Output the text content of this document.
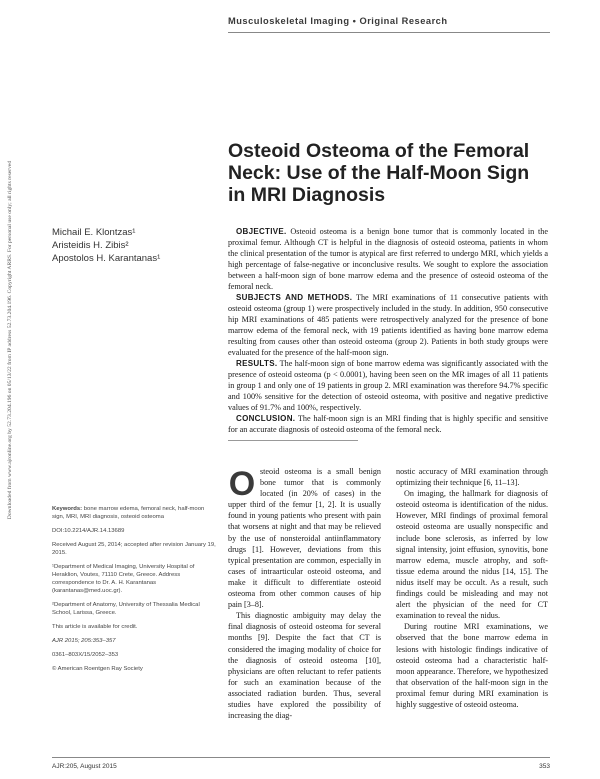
Musculoskeletal Imaging • Original Research
Downloaded from www.ajronline.org by 52.73.204.196 on 05/13/22 from IP address 52.73.204.196. Copyright ARRS. For personal use only; all rights reserved
Osteoid Osteoma of the Femoral Neck: Use of the Half-Moon Sign in MRI Diagnosis
Michail E. Klontzas¹
Aristeidis H. Zibis²
Apostolos H. Karantanas¹

OBJECTIVE. Osteoid osteoma is a benign bone tumor that is commonly located in the proximal femur. Although CT is helpful in the diagnosis of osteoid osteoma, patients in whom the clinical presentation of the tumor is atypical are first referred to undergo MRI, which yields a high percentage of false-negative or inconclusive results. We sought to explore the association between a half-moon sign of bone marrow edema and the presence of osteoid osteoma of the femoral neck.

SUBJECTS AND METHODS. The MRI examinations of 11 consecutive patients with osteoid osteoma (group 1) were prospectively included in the study. In addition, 950 consecutive hip MRI examinations of 485 patients were retrospectively analyzed for the presence of bone marrow edema of the femoral neck, with 19 patients identified as having bone marrow edema resulting from causes other than osteoid osteoma (group 2). Patients in both study groups were evaluated for the presence of the half-moon sign.

RESULTS. The half-moon sign of bone marrow edema was significantly associated with the presence of osteoid osteoma (p < 0.0001), having been seen on the MR images of all 11 patients in group 1 and only one of 19 patients in group 2. MRI examination was therefore 94.7% specific and 100% sensitive for the detection of osteoid osteoma, with positive and negative predictive values of 91.7% and 100%, respectively.

CONCLUSION. The half-moon sign is an MRI finding that is highly specific and sensitive for an accurate diagnosis of osteoid osteoma of the femoral neck.

Keywords: bone marrow edema, femoral neck, half-moon sign, MRI, MRI diagnosis, osteoid osteoma

DOI:10.2214/AJR.14.13689

Received August 25, 2014; accepted after revision January 19, 2015.

¹Department of Medical Imaging, University Hospital of Heraklion, Voutes, 71110 Crete, Greece. Address correspondence to Dr. A. H. Karantanas (karantanas@med.uoc.gr).

²Department of Anatomy, University of Thessalia Medical School, Larissa, Greece.

This article is available for credit.

AJR 2015; 205:353–357

0361–803X/15/2052–353

© American Roentgen Ray Society

O steoid osteoma is a small benign bone tumor that is commonly located (in 20% of cases) in the upper third of the femur [1, 2]. It is usually found in young patients who present with pain that worsens at night and that may be relieved by the use of nonsteroidal antiinflammatory drugs [1]. However, deviations from this typical presentation are common, especially in cases of intraarticular osteoid osteoma, and make it difficult to differentiate osteoid osteoma from other common causes of hip pain [3–8].

This diagnostic ambiguity may delay the final diagnosis of osteoid osteoma for several months [9]. Despite the fact that CT is considered the imaging modality of choice for the diagnosis of osteoid osteoma [10], physicians are often reluctant to refer patients for such an examination because of the associated radiation burden. Thus, several studies have explored the possibility of increasing the diag-

nostic accuracy of MRI examination through optimizing their technique [6, 11–13].

On imaging, the hallmark for diagnosis of osteoid osteoma is identification of the nidus. However, MRI findings of proximal femoral osteoid osteoma are usually nonspecific and include bone sclerosis, as inferred by low signal intensity, joint effusion, synovitis, bone marrow edema, muscle atrophy, and soft-tissue edema around the nidus [14, 15]. The nidus itself may be occult. As a result, such findings could be misleading and may not alert the physician of the need for CT examination to reveal the nidus.

During routine MRI examinations, we observed that the bone marrow edema in lesions with histologic findings indicative of osteoid osteoma had a characteristic half-moon appearance. Therefore, we hypothesized that observation of the half-moon sign in the proximal femur during MRI examination is highly suggestive of osteoid osteoma.

AJR:205, August 2015	353
